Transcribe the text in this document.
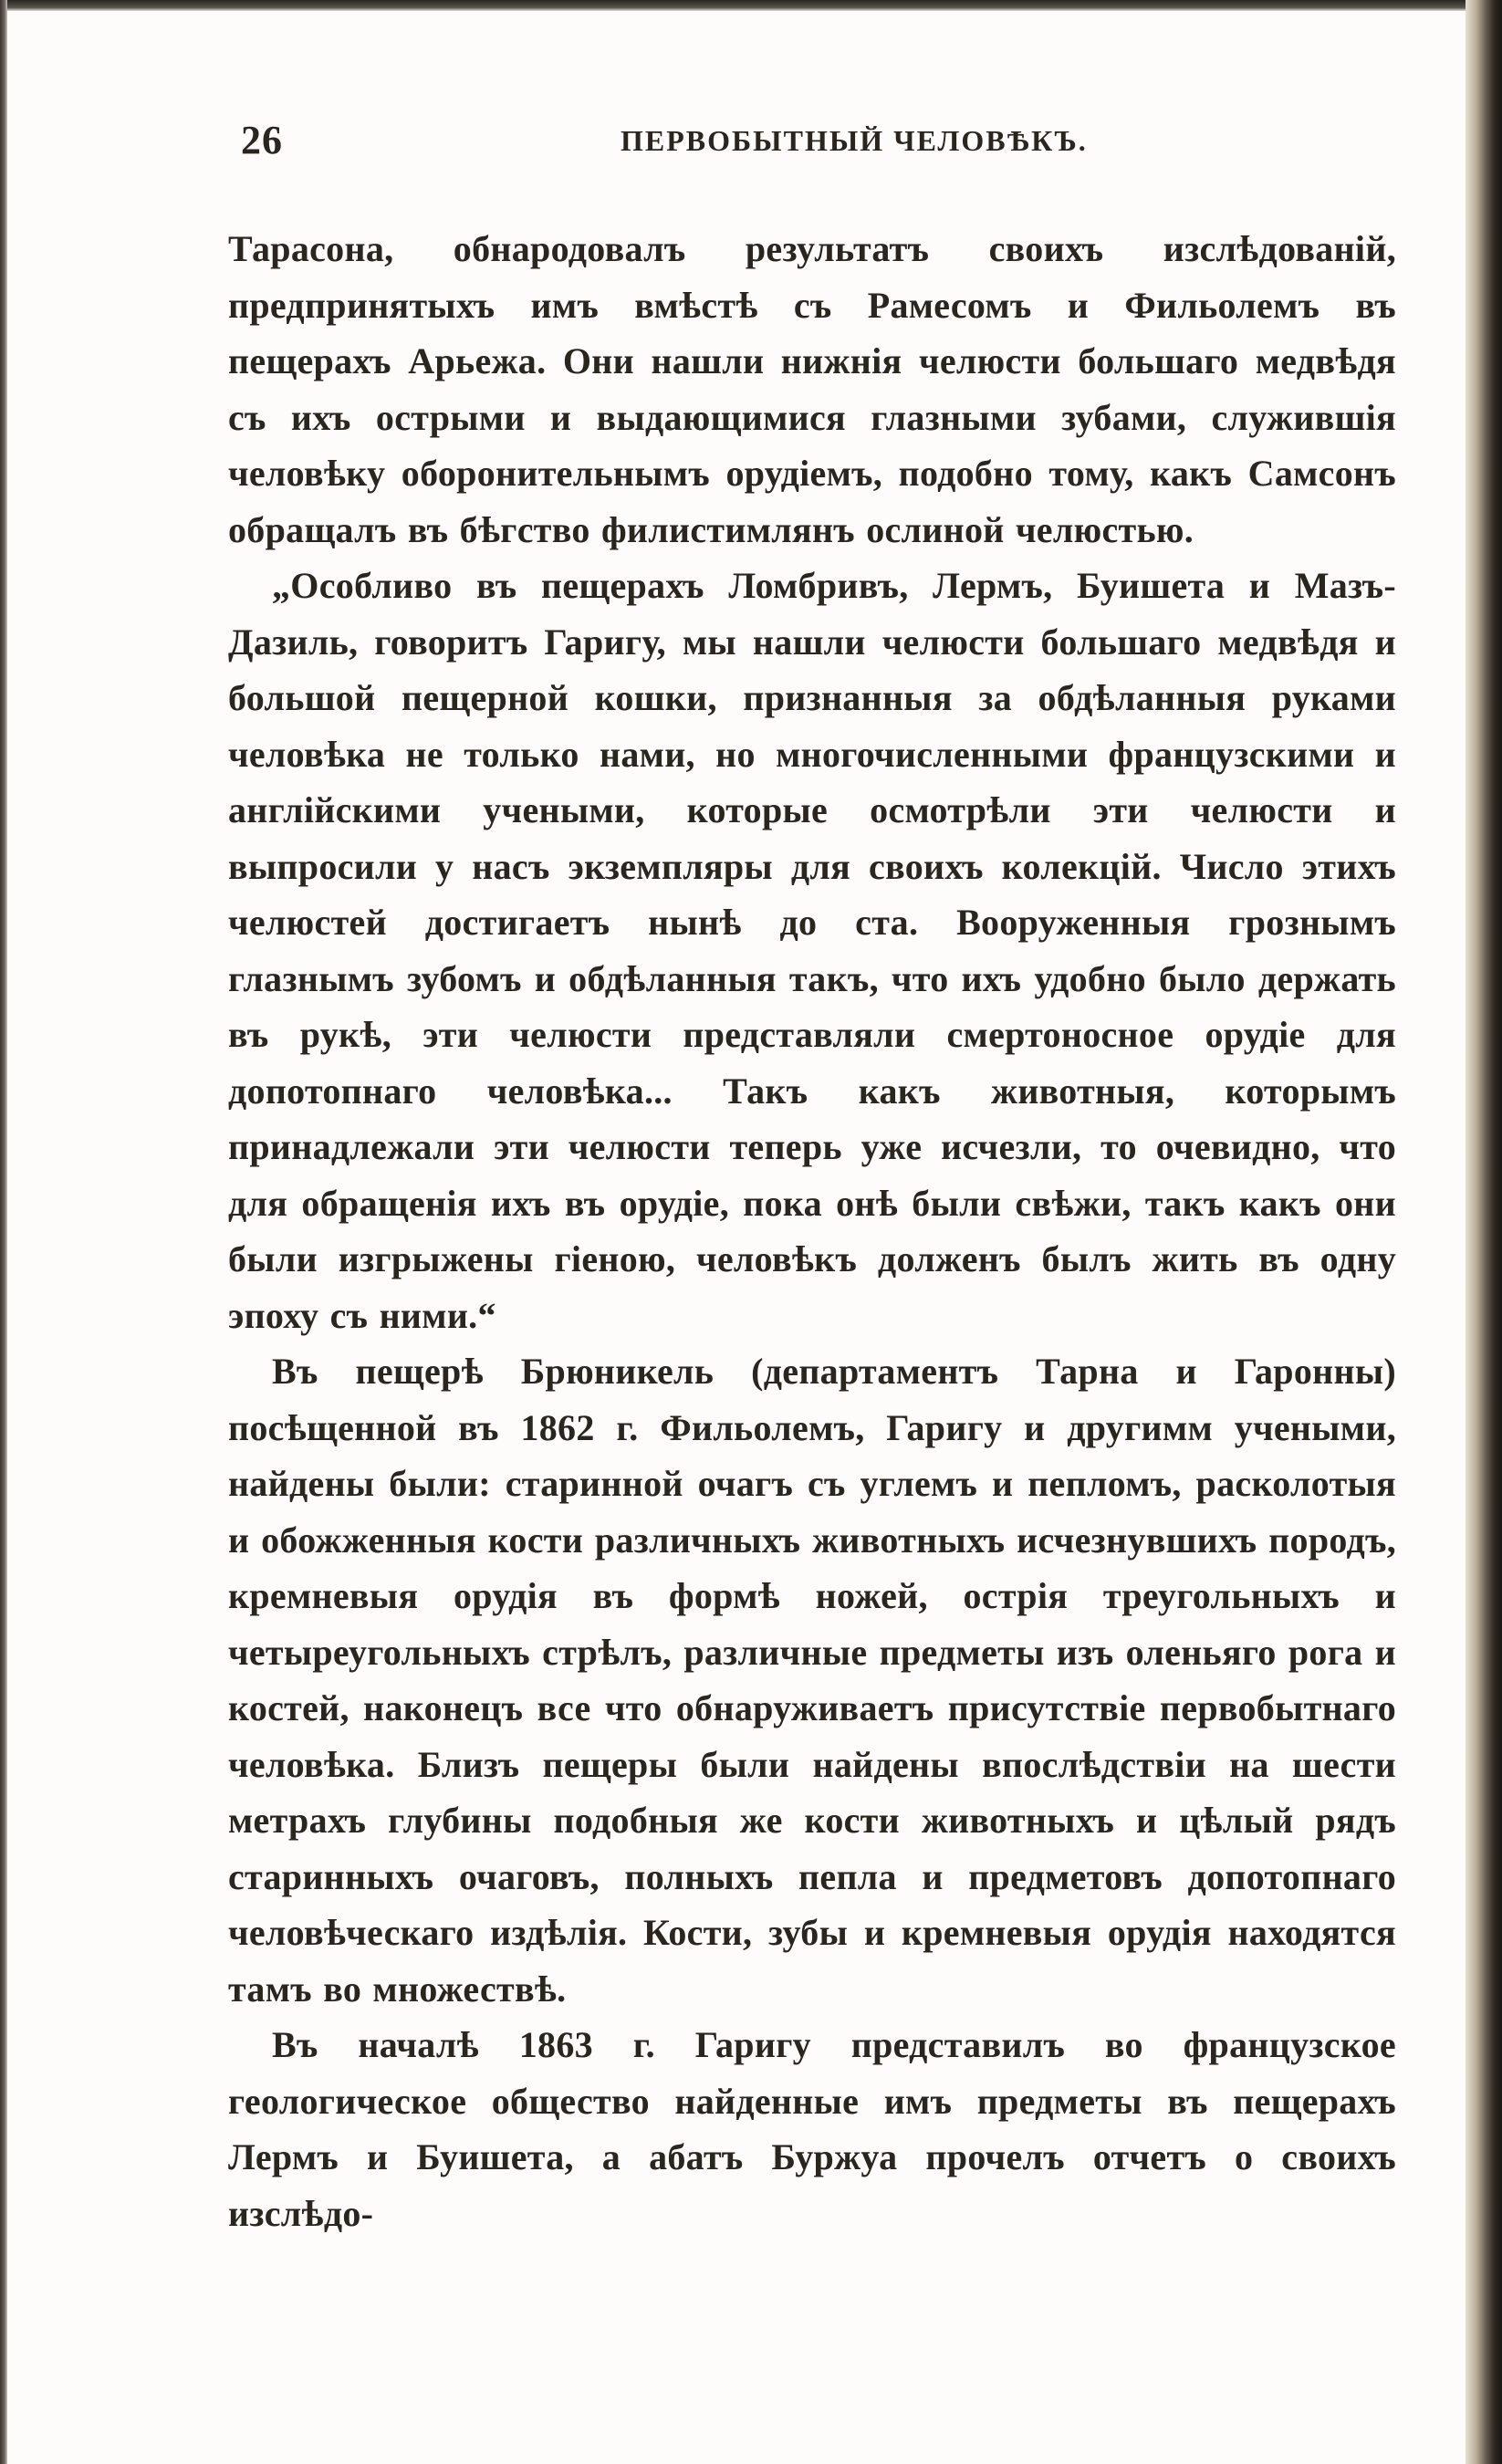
26	ПЕРВОБЫТНЫЙ ЧЕЛОВѢКЪ.

Тарасона, обнародовалъ результатъ своихъ изслѣдованій, предпринятыхъ имъ вмѣстѣ съ Рамесомъ и Фильолемъ въ пещерахъ Арьежа. Они нашли нижнія челюсти большаго медвѣдя съ ихъ острыми и выдающимися глазными зубами, служившія человѣку оборонительнымъ орудіемъ, подобно тому, какъ Самсонъ обращалъ въ бѣгство филистимлянъ ослиной челюстью.

„Особливо въ пещерахъ Ломбривъ, Лермъ, Буишета и Мазъ-Дазиль, говоритъ Гаригу, мы нашли челюсти большаго медвѣдя и большой пещерной кошки, признанныя за обдѣланныя руками человѣка не только нами, но многочисленными французскими и англійскими учеными, которые осмотрѣли эти челюсти и выпросили у насъ экземпляры для своихъ колекцій. Число этихъ челюстей достигаетъ нынѣ до ста. Вооруженныя грознымъ глазнымъ зубомъ и обдѣланныя такъ, что ихъ удобно было держать въ рукѣ, эти челюсти представляли смертоносное орудіе для допотопнаго человѣка... Такъ какъ животныя, которымъ принадлежали эти челюсти теперь уже исчезли, то очевидно, что для обращенія ихъ въ орудіе, пока онѣ были свѣжи, такъ какъ они были изгрыжены гіеною, человѣкъ долженъ былъ жить въ одну эпоху съ ними.“

Въ пещерѣ Брюникель (департаментъ Тарна и Гаронны) посѣщенной въ 1862 г. Фильолемъ, Гаригу и другимм учеными, найдены были: старинной очагъ съ углемъ и пепломъ, расколотыя и обожженныя кости различныхъ животныхъ исчезнувшихъ породъ, кремневыя орудія въ формѣ ножей, острія треугольныхъ и четыреугольныхъ стрѣлъ, различные предметы изъ оленьяго рога и костей, наконецъ все что обнаруживаетъ присутствіе первобытнаго человѣка. Близъ пещеры были найдены впослѣдствіи на шести метрахъ глубины подобныя же кости животныхъ и цѣлый рядъ старинныхъ очаговъ, полныхъ пепла и предметовъ допотопнаго человѣческаго издѣлія. Кости, зубы и кремневыя орудія находятся тамъ во множествѣ.

Въ началѣ 1863 г. Гаригу представилъ во французское геологическое общество найденные имъ предметы въ пещерахъ Лермъ и Буишета, а абатъ Буржуа прочелъ отчетъ о своихъ изслѣдо-
